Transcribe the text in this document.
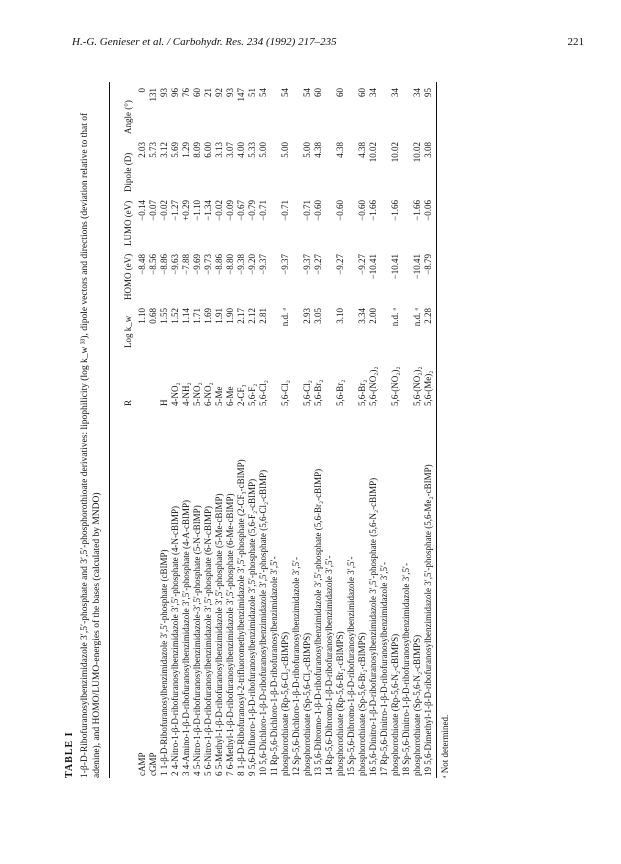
H.-G. Genieser et al. / Carbohydr. Res. 234 (1992) 217–235	221
TABLE I 1-β-D-Ribofuranosylbenzimidazole 3′,5′-phosphate and 3′,5′-phosphorothioate derivatives: lipophilicity (log k_w ³³), dipole vectors and directions (deviation relative to that of adenine), and HOMO/LUMO-energies of the bases (calculated by MNDO)
	R	Log k_w	HOMO (eV)	LUMO (eV)	Dipole (D)	Angle (°)
cAMP		1.10	−8.48	−0.14	2.03	0
cGMP		0.68	−8.56	−0.07	5.73	131
1 1-β-D-Ribofuranosylbenzimidazole 3′,5′-phosphate (cBIMP)	H	1.55	−8.86	−0.02	3.12	93
2 4-Nitro-1-β-D-ribofuranosylbenzimidazole 3′,5′-phosphate (4-N-cBIMP)	4-NO₂	1.52	−9.63	−1.27	5.69	96
3 4-Amino-1-β-D-ribofuranosylbenzimidazole 3′,5′-phosphate (4-A-cBIMP)	4-NH₂	1.14	−7.88	+0.29	1.29	76
4 5-Nitro-1-β-D-ribofuranosylbenzimidazole-3′,5′-phosphate (5-N-cBIMP)	5-NO₂	1.71	−9.69	−1.10	8.09	60
5 6-Nitro-1-β-D-ribofuranosylbenzimidazole 3′,5′-phosphate (6-N-cBIMP)	6-NO₂	1.69	−9.73	−1.34	6.00	21
6 5-Methyl-1-β-D-ribofuranosylbenzimidazole 3′,5′-phosphate (5-Me-cBIMP)	5-Me	1.91	−8.86	−0.02	3.13	92
7 6-Methyl-1-β-D-ribofuranosylbenzimidazole 3′,5′-phosphate (6-Me-cBIMP)	6-Me	1.90	−8.80	−0.09	3.07	93
8 1-β-D-Ribofuranosyl-2-trifluoromethylbenzimidazole 3′,5′-phosphate (2-CF₃-cBIMP)	2-CF₃	2.17	−9.38	−0.67	4.00	147
9 5,6-Difluoro-1-β-D-ribofuranosylbenzimidazole 3′,5′-phosphate (5,6-F₂-cBIMP)	5,6-F₂	2.12	−9.20	−0.79	5.33	51
10 5,6-Dichloro-1-β-D-ribofuranosylbenzimidazole 3′,5′-phosphate (5,6-Cl₂-cBIMP)	5,6-Cl₂	2.81	−9.37	−0.71	5.00	54
11 Rp-5,6-Dichloro-1-β-D-ribofuranosylbenzimidazole 3′,5′-						
phosphorothioate (Rp-5,6-Cl₂-cBIMPS)	5,6-Cl₂	n.d. ᵃ	−9.37	−0.71	5.00	54
12 Sp-5,6-Dichloro-1-β-D-ribofuranosylbenzimidazole 3′,5′-						
phosphorothioate (Sp-5,6-Cl₂-cBIMPS)	5,6-Cl₂	2.93	−9.37	−0.71	5.00	54
13 5,6-Dibromo-1-β-D-ribofuranosylbenzimidazole 3′,5′-phosphate (5,6-Br₂-cBIMP)	5,6-Br₂	3.05	−9.27	−0.60	4.38	60
14 Rp-5,6-Dibromo-1-β-D-ribofuranosylbenzimidazole 3′,5′-						
phosphorothioate (Rp-5,6-Br₂-cBIMPS)	5,6-Br₂	3.10	−9.27	−0.60	4.38	60
15 Sp-5,6-Dibromo-1-β-D-ribofuranosylbenzimidazole 3′,5′-						
phosphorothioate (Sp-5,6-Br₂-cBIMPS)	5,6-Br₂	3.34	−9.27	−0.60	4.38	60
16 5,6-Dinitro-1-β-D-ribofuranosylbenzimidazole 3′,5′-phosphate (5,6-N₂-cBIMP)	5,6-(NO₂)₂	2.00	−10.41	−1.66	10.02	34
17 Rp-5,6-Dinitro-1-β-D-ribofuranosylbenzimidazole 3′,5′-						
phosphorothioate (Rp-5,6-N₂-cBIMPS)	5,6-(NO₂)₂	n.d. ᵃ	−10.41	−1.66	10.02	34
18 Sp-5,6-Dinitro-1-β-D-ribofuranosylbenzimidazole 3′,5′-						
phosphorothioate (Sp-5,6-N₂-cBIMPS)	5,6-(NO₂)₂	n.d. ᵃ	−10.41	−1.66	10.02	34
19 5,6-Dimethyl-1-β-D-ribofuranosylbenzimidazole 3′,5′-phosphate (5,6-Me₂-cBIMP)	5,6-(Me)₂	2.28	−8.79	−0.06	3.08	95
ᵃ Not determined.
